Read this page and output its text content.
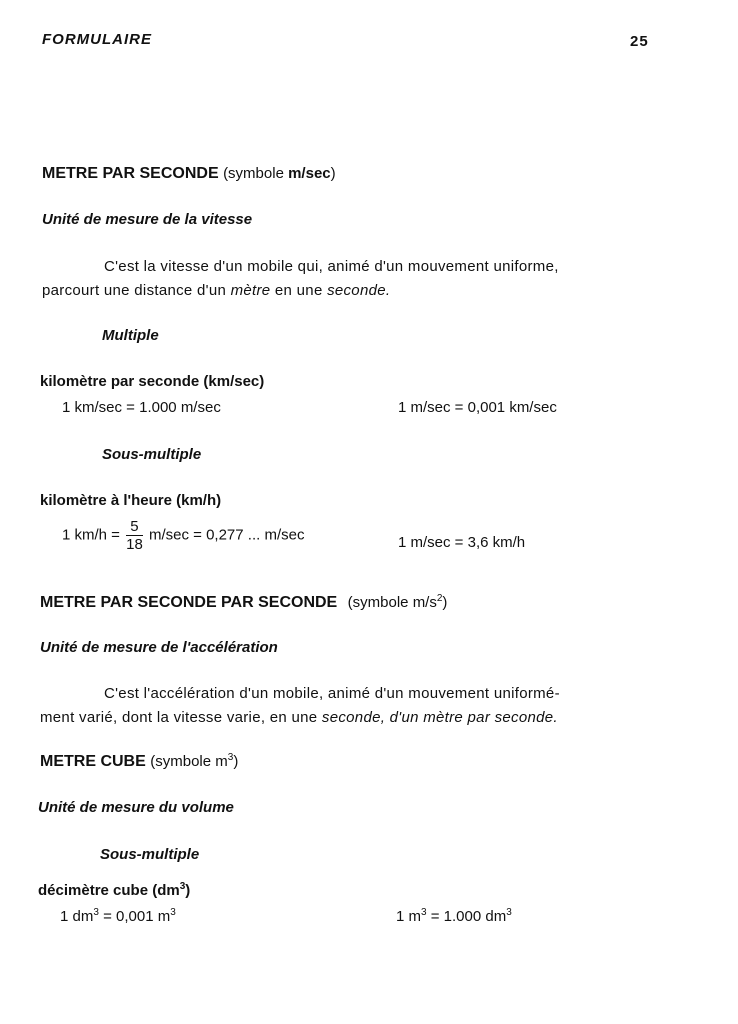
FORMULAIRE	25
METRE PAR SECONDE (symbole m/sec)
Unité de mesure de la vitesse
C'est la vitesse d'un mobile qui, animé d'un mouvement uniforme,
parcourt une distance d'un mètre en une seconde.
Multiple
kilomètre par seconde (km/sec)
1 km/sec = 1.000 m/sec	1 m/sec = 0,001 km/sec
Sous-multiple
kilomètre à l'heure (km/h)
1 $km/h = \frac{5}{18} m/\sec = 0,277$ ... m/sec	1 m/sec = 3,6 km/h
METRE PAR SECONDE PAR SECONDE (symbole $m/s^2$)
Unité de mesure de l'accélération
C'est l'accélération d'un mobile, animé d'un mouvement uniformé-
ment varié, dont la vitesse varie, en une seconde, d'un mètre par seconde.
METRE CUBE (symbole $m^3$)
Unité de mesure du volume
Sous-multiple
décimètre cube $(dm^3)$
1 $dm^3 = 0,001$ $m^3$	1 $m^3 = 1.000$ $dm^3$
